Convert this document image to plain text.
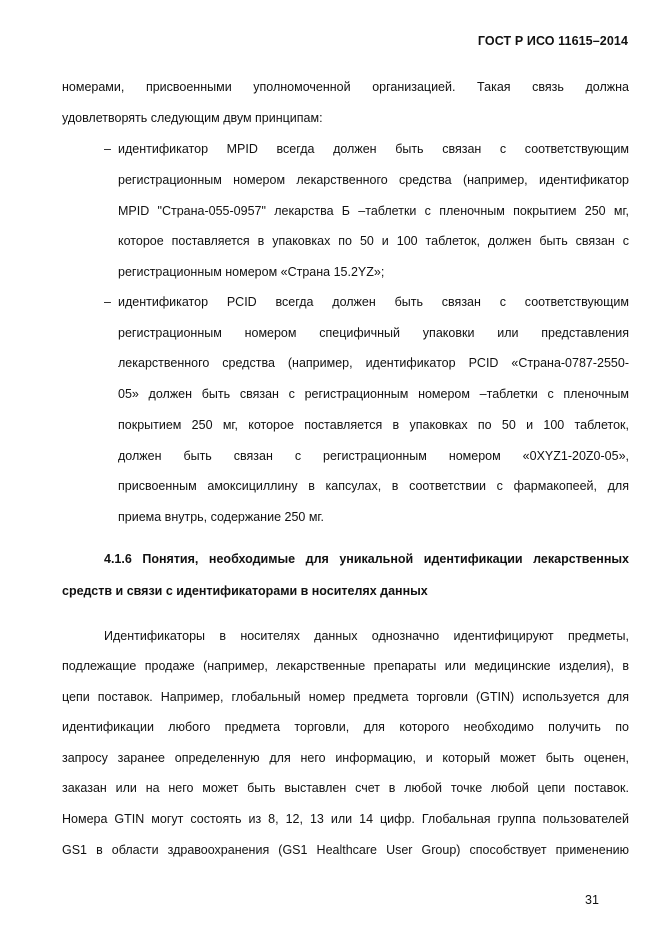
ГОСТ Р ИСО 11615–2014
номерами, присвоенными уполномоченной организацией. Такая связь должна
удовлетворять следующим двум принципам:
– идентификатор MPID всегда должен быть связан с соответствующим
регистрационным номером лекарственного средства (например, идентификатор
MPID "Страна-055-0957" лекарства Б –таблетки с пленочным покрытием 250 мг,
которое поставляется в упаковках по 50 и 100 таблеток, должен быть связан с
регистрационным номером «Страна 15.2YZ»;
– идентификатор PCID всегда должен быть связан с соответствующим
регистрационным номером специфичный упаковки или представления
лекарственного средства (например, идентификатор PCID «Страна-0787-2550-
05» должен быть связан с регистрационным номером –таблетки с пленочным
покрытием 250 мг, которое поставляется в упаковках по 50 и 100 таблеток,
должен быть связан с регистрационным номером «0XYZ1-20Z0-05»,
присвоенным амоксициллину в капсулах, в соответствии с фармакопеей, для
приема внутрь, содержание 250 мг.
4.1.6 Понятия, необходимые для уникальной идентификации лекарственных
средств и связи с идентификаторами в носителях данных
Идентификаторы в носителях данных однозначно идентифицируют предметы,
подлежащие продаже (например, лекарственные препараты или медицинские изделия), в
цепи поставок. Например, глобальный номер предмета торговли (GTIN) используется для
идентификации любого предмета торговли, для которого необходимо получить по
запросу заранее определенную для него информацию, и который может быть оценен,
заказан или на него может быть выставлен счет в любой точке любой цепи поставок.
Номера GTIN могут состоять из 8, 12, 13 или 14 цифр. Глобальная группа пользователей
GS1 в области здравоохранения (GS1 Healthcare User Group) способствует применению
31
